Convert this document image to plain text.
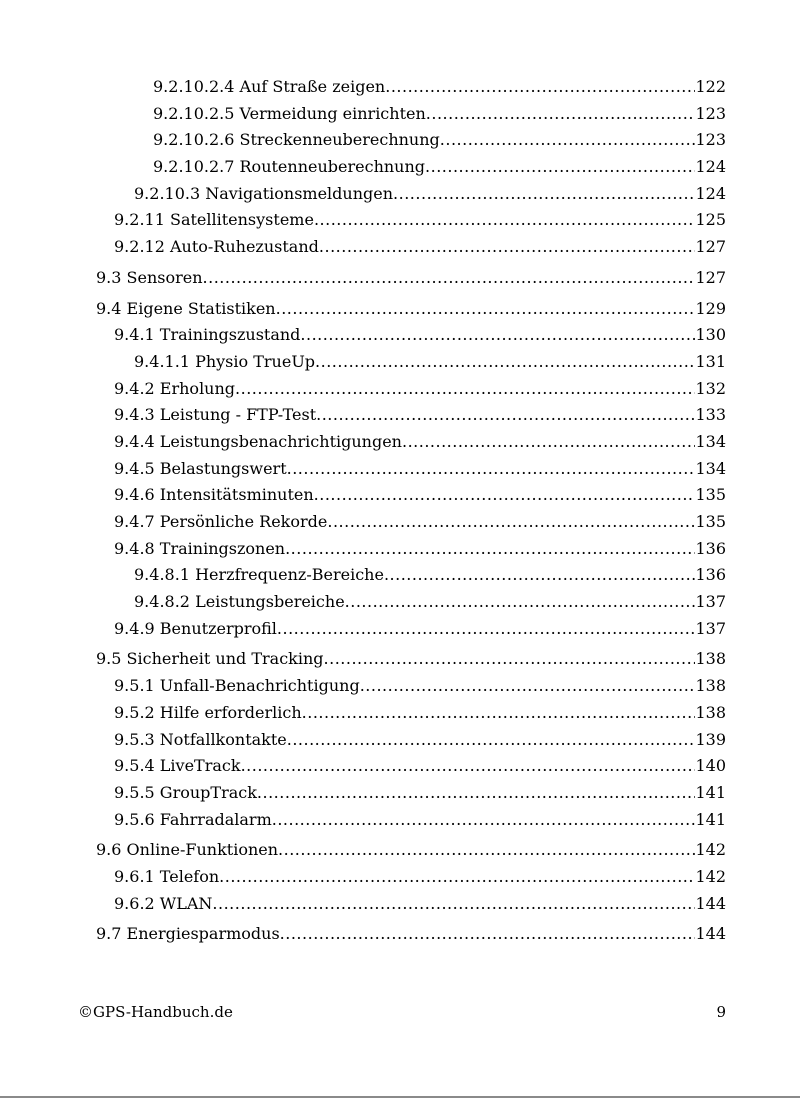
9.2.10.2.4 Auf Straße zeigen .....	122
9.2.10.2.5 Vermeidung einrichten .....	123
9.2.10.2.6 Streckenneuberechnung .....	123
9.2.10.2.7 Routenneuberechnung .....	124
9.2.10.3 Navigationsmeldungen .....	124
9.2.11 Satellitensysteme .....	125
9.2.12 Auto-Ruhezustand .....	127
9.3 Sensoren .....	127
9.4 Eigene Statistiken .....	129
9.4.1 Trainingszustand .....	130
9.4.1.1 Physio TrueUp .....	131
9.4.2 Erholung .....	132
9.4.3 Leistung - FTP-Test .....	133
9.4.4 Leistungsbenachrichtigungen .....	134
9.4.5 Belastungswert .....	134
9.4.6 Intensitätsminuten .....	135
9.4.7 Persönliche Rekorde .....	135
9.4.8 Trainingszonen .....	136
9.4.8.1 Herzfrequenz-Bereiche .....	136
9.4.8.2 Leistungsbereiche .....	137
9.4.9 Benutzerprofil .....	137
9.5 Sicherheit und Tracking .....	138
9.5.1 Unfall-Benachrichtigung .....	138
9.5.2 Hilfe erforderlich .....	138
9.5.3 Notfallkontakte .....	139
9.5.4 LiveTrack .....	140
9.5.5 GroupTrack .....	141
9.5.6 Fahrradalarm .....	141
9.6 Online-Funktionen .....	142
9.6.1 Telefon .....	142
9.6.2 WLAN .....	144
9.7 Energiesparmodus .....	144
©GPS-Handbuch.de	9
